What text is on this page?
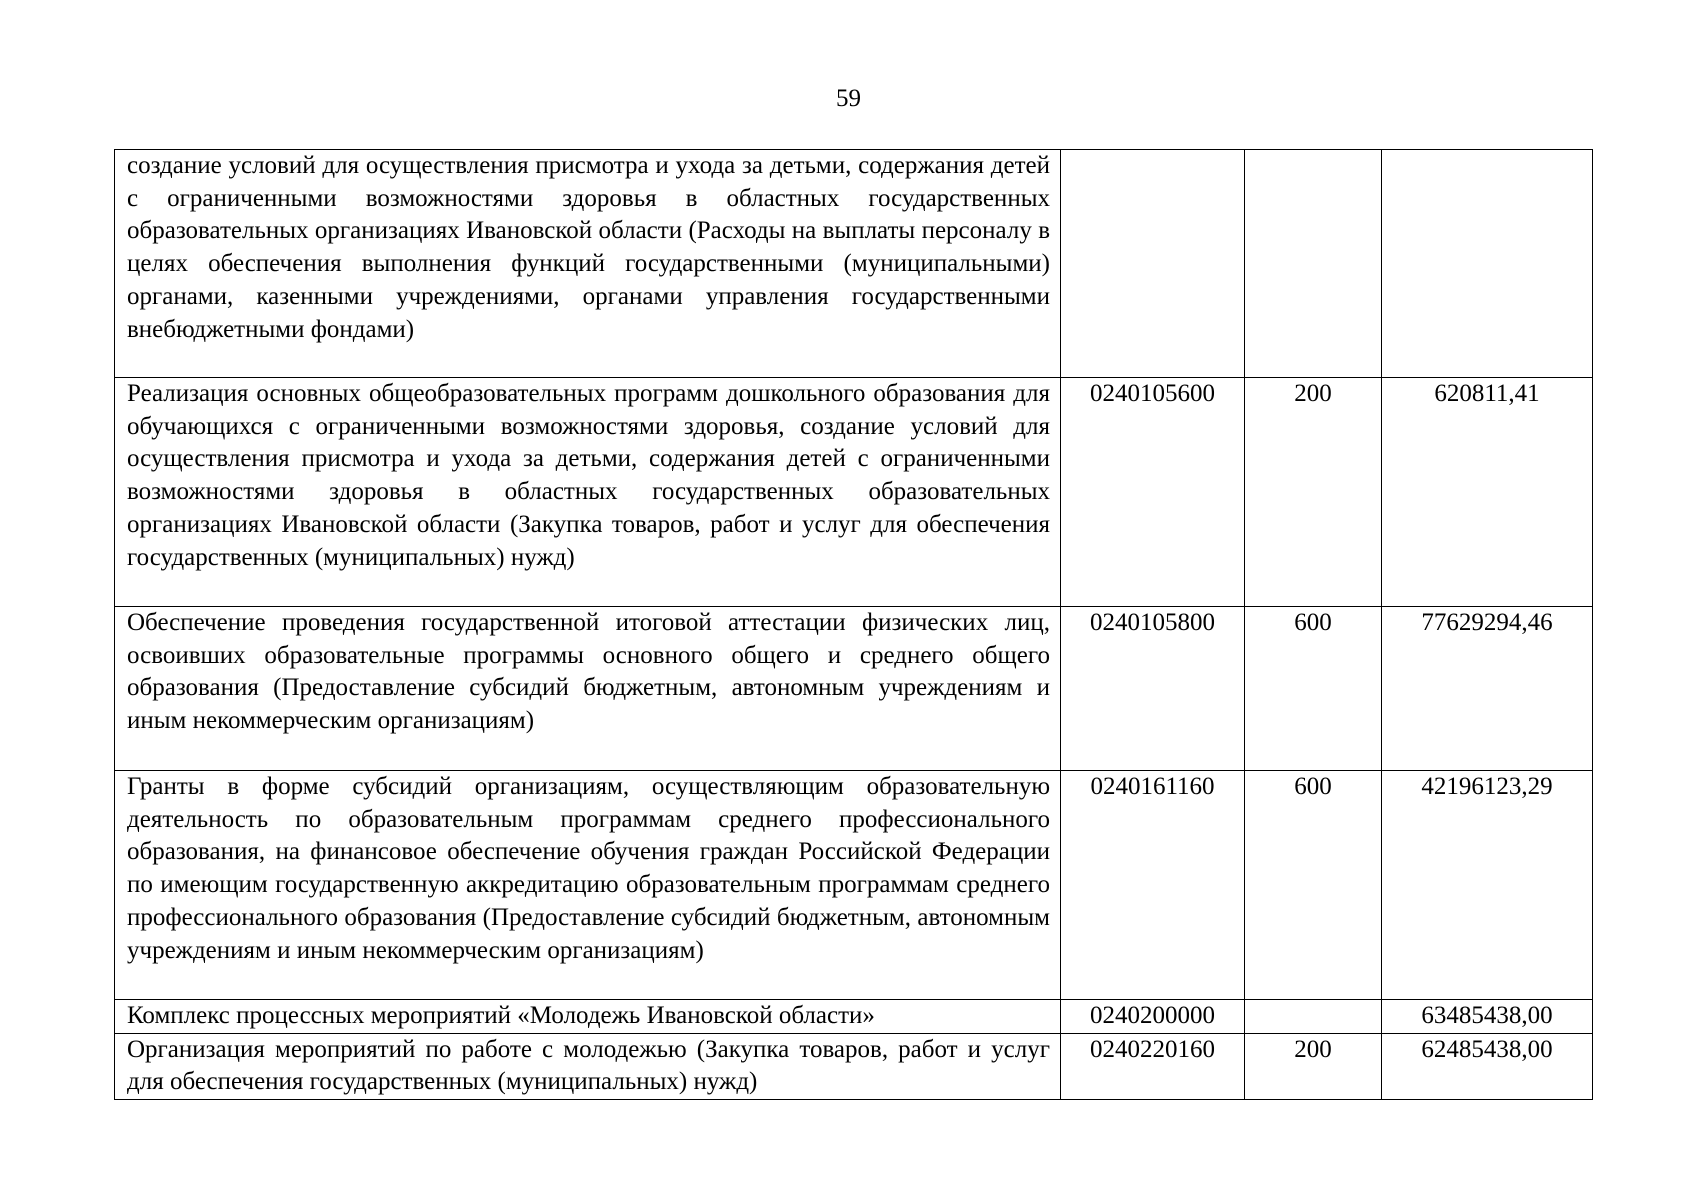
59
создание условий для осуществления присмотра и ухода за детьми, содержания детей с ограниченными возможностями здоровья в областных государственных образовательных организациях Ивановской области (Расходы на выплаты персоналу в целях обеспечения выполнения функций государственными (муниципальными) органами, казенными учреждениями, органами управления государственными внебюджетными фондами)			
Реализация основных общеобразовательных программ дошкольного образования для обучающихся с ограниченными возможностями здоровья, создание условий для осуществления присмотра и ухода за детьми, содержания детей с ограниченными возможностями здоровья в областных государственных образовательных организациях Ивановской области (Закупка товаров, работ и услуг для обеспечения государственных (муниципальных) нужд)	0240105600	200	620811,41
Обеспечение проведения государственной итоговой аттестации физических лиц, освоивших образовательные программы основного общего и среднего общего образования (Предоставление субсидий бюджетным, автономным учреждениям и иным некоммерческим организациям)	0240105800	600	77629294,46
Гранты в форме субсидий организациям, осуществляющим образовательную деятельность по образовательным программам среднего профессионального образования, на финансовое обеспечение обучения граждан Российской Федерации по имеющим государственную аккредитацию образовательным программам среднего профессионального образования (Предоставление субсидий бюджетным, автономным учреждениям и иным некоммерческим организациям)	0240161160	600	42196123,29
Комплекс процессных мероприятий «Молодежь Ивановской области»	0240200000		63485438,00
Организация мероприятий по работе с молодежью (Закупка товаров, работ и услуг для обеспечения государственных (муниципальных) нужд)	0240220160	200	62485438,00
